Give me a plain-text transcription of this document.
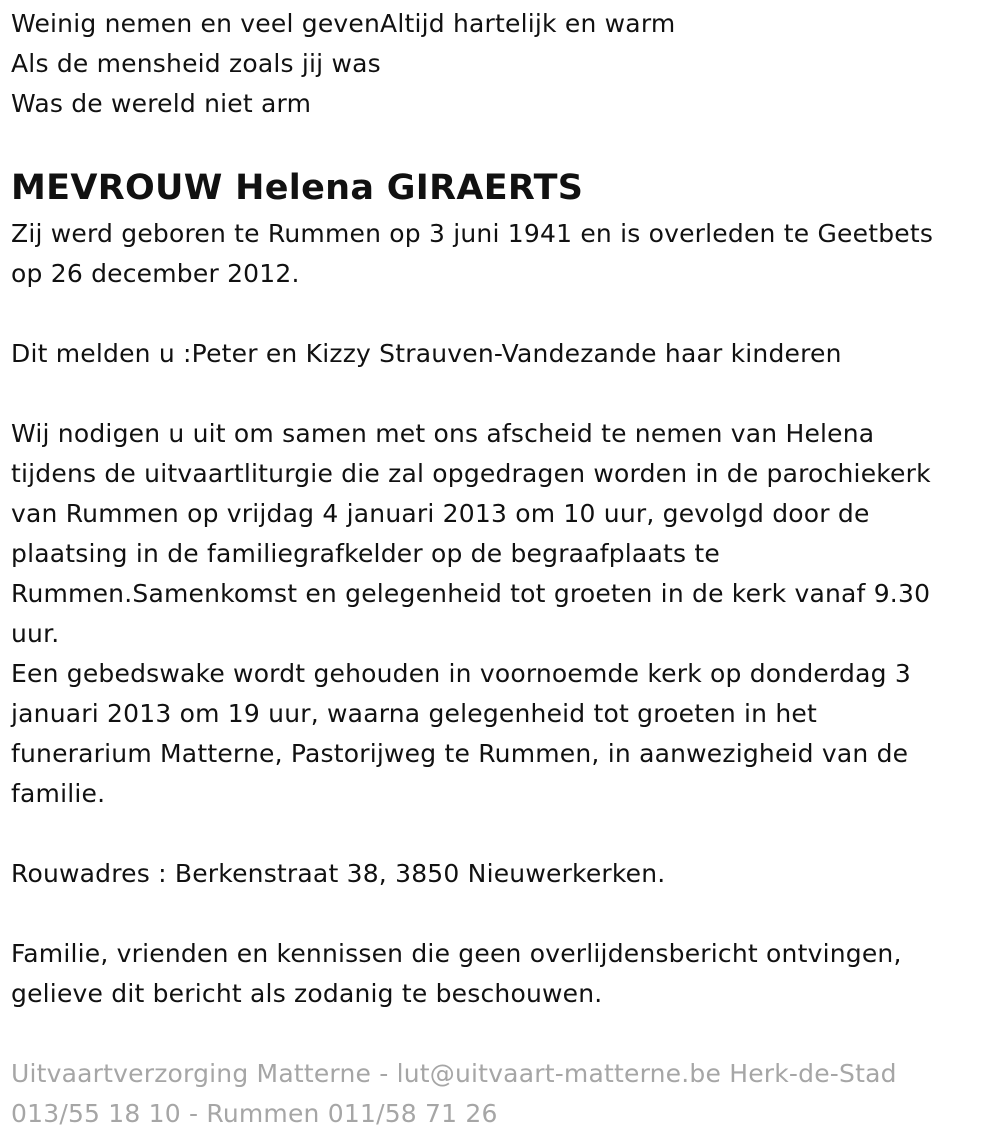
Weinig nemen en veel gevenAltijd hartelijk en warm
Als de mensheid zoals jij was
Was de wereld niet arm
MEVROUW Helena GIRAERTS
Zij werd geboren te Rummen op 3 juni 1941 en is overleden te Geetbets
op 26 december 2012.
Dit melden u :Peter en Kizzy Strauven-Vandezande haar kinderen
Wij nodigen u uit om samen met ons afscheid te nemen van Helena
tijdens de uitvaartliturgie die zal opgedragen worden in de parochiekerk
van Rummen op vrijdag 4 januari 2013 om 10 uur, gevolgd door de
plaatsing in de familiegrafkelder op de begraafplaats te
Rummen.Samenkomst en gelegenheid tot groeten in de kerk vanaf 9.30
uur.
Een gebedswake wordt gehouden in voornoemde kerk op donderdag 3
januari 2013 om 19 uur, waarna gelegenheid tot groeten in het
funerarium Matterne, Pastorijweg te Rummen, in aanwezigheid van de
familie.
Rouwadres : Berkenstraat 38, 3850 Nieuwerkerken.
Familie, vrienden en kennissen die geen overlijdensbericht ontvingen,
gelieve dit bericht als zodanig te beschouwen.
Uitvaartverzorging Matterne - lut@uitvaart-matterne.be Herk-de-Stad
013/55 18 10 - Rummen 011/58 71 26
